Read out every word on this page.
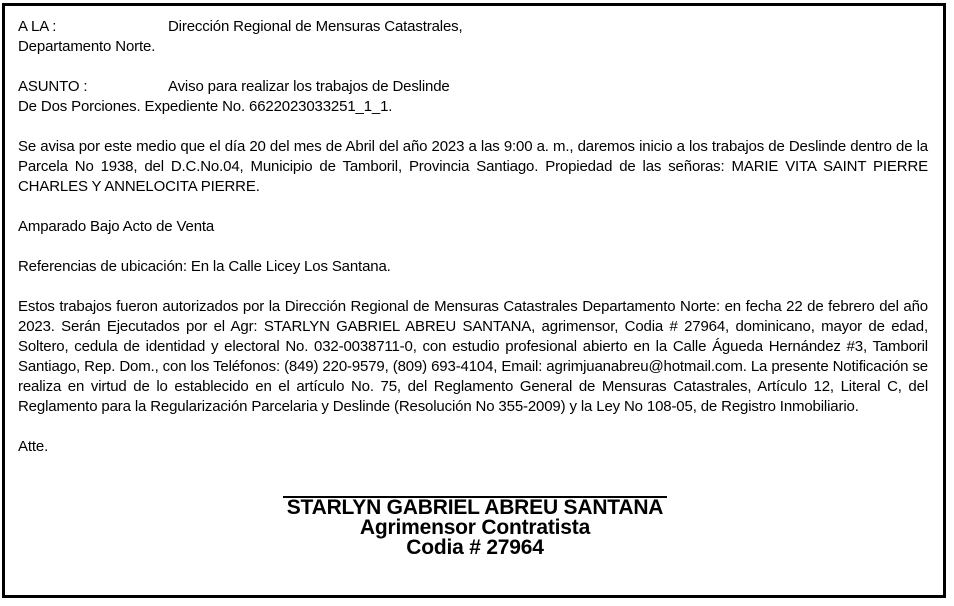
A LA :	Dirección Regional de Mensuras Catastrales,
Departamento Norte.
ASUNTO :	Aviso para realizar los trabajos de Deslinde
De Dos Porciones. Expediente No. 6622023033251_1_1.
Se avisa por este medio que el día 20 del mes de Abril del año 2023 a las 9:00 a. m., daremos inicio a los trabajos de Deslinde dentro de la Parcela No 1938, del D.C.No.04, Municipio de Tamboril, Provincia Santiago. Propiedad de las señoras: MARIE VITA SAINT PIERRE CHARLES Y ANNELOCITA PIERRE.
Amparado Bajo Acto de Venta
Referencias de ubicación: En la Calle Licey Los Santana.
Estos trabajos fueron autorizados por la Dirección Regional de Mensuras Catastrales Departamento Norte: en fecha 22 de febrero del año 2023. Serán Ejecutados por el Agr: STARLYN GABRIEL ABREU SANTANA, agrimensor, Codia # 27964, dominicano, mayor de edad, Soltero, cedula de identidad y electoral No. 032-0038711-0, con estudio profesional abierto en la Calle Águeda Hernández #3, Tamboril Santiago, Rep. Dom., con los Teléfonos: (849) 220-9579, (809) 693-4104, Email: agrimjuanabreu@hotmail.com. La presente Notificación se realiza en virtud de lo establecido en el artículo No. 75, del Reglamento General de Mensuras Catastrales, Artículo 12, Literal C, del Reglamento para la Regularización Parcelaria y Deslinde (Resolución No 355-2009) y la Ley No 108-05, de Registro Inmobiliario.
Atte.
STARLYN GABRIEL ABREU SANTANA
Agrimensor Contratista
Codia # 27964
